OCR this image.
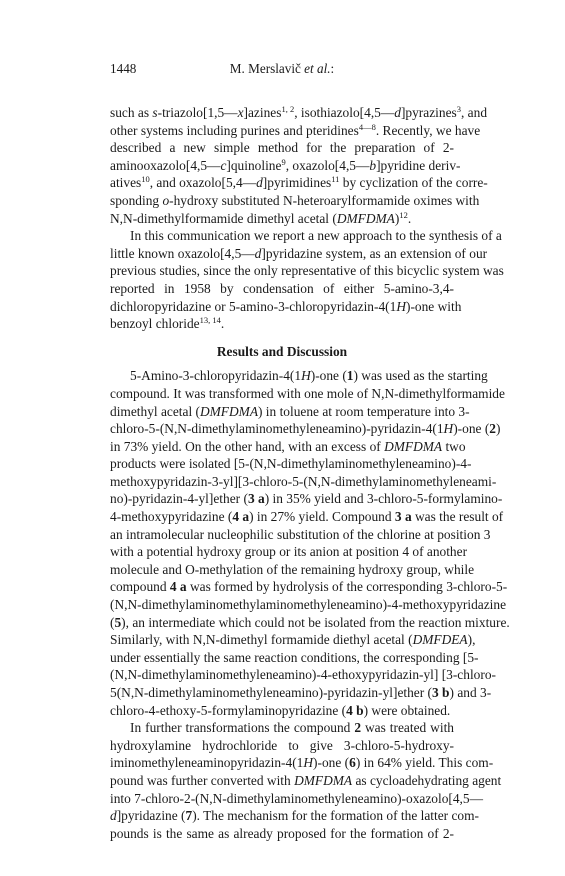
1448	M. Merslavič et al.:
such as s-triazolo[1,5—x]azines$^{1, 2}$, isothiazolo[4,5—d]pyrazines$^3$, and
other systems including purines and pteridines$^{4—8}$. Recently, we have
described a new simple method for the preparation of 2-
aminooxazolo[4,5—c]quinoline$^9$, oxazolo[4,5—b]pyridine deriv-
atives$^{10}$, and oxazolo[5,4—d]pyrimidines$^{11}$ by cyclization of the corre-
sponding o-hydroxy substituted N-heteroarylformamide oximes with
N,N-dimethylformamide dimethyl acetal (DMFDMA)$^{12}$.
In this communication we report a new approach to the synthesis of a
little known oxazolo[4,5—d]pyridazine system, as an extension of our
previous studies, since the only representative of this bicyclic system was
reported in 1958 by condensation of either 5-amino-3,4-
dichloropyridazine or 5-amino-3-chloropyridazin-4(1H)-one with
benzoyl chloride$^{13, 14}$.
Results and Discussion
5-Amino-3-chloropyridazin-4(1H)-one (1) was used as the starting
compound. It was transformed with one mole of N,N-dimethylformamide
dimethyl acetal (DMFDMA) in toluene at room temperature into 3-
chloro-5-(N,N-dimethylaminomethyleneamino)-pyridazin-4(1H)-one (2)
in 73% yield. On the other hand, with an excess of DMFDMA two
products were isolated [5-(N,N-dimethylaminomethyleneamino)-4-
methoxypyridazin-3-yl][3-chloro-5-(N,N-dimethylaminomethyleneami-
no)-pyridazin-4-yl]ether (3 a) in 35% yield and 3-chloro-5-formylamino-
4-methoxypyridazine (4 a) in 27% yield. Compound 3 a was the result of
an intramolecular nucleophilic substitution of the chlorine at position 3
with a potential hydroxy group or its anion at position 4 of another
molecule and O-methylation of the remaining hydroxy group, while
compound 4 a was formed by hydrolysis of the corresponding 3-chloro-5-
(N,N-dimethylaminomethylaminomethyleneamino)-4-methoxypyridazine
(5), an intermediate which could not be isolated from the reaction mixture.
Similarly, with N,N-dimethyl formamide diethyl acetal (DMFDEA),
under essentially the same reaction conditions, the corresponding [5-
(N,N-dimethylaminomethyleneamino)-4-ethoxypyridazin-yl] [3-chloro-
5(N,N-dimethylaminomethyleneamino)-pyridazin-yl]ether (3 b) and 3-
chloro-4-ethoxy-5-formylaminopyridazine (4 b) were obtained.
In further transformations the compound 2 was treated with
hydroxylamine hydrochloride to give 3-chloro-5-hydroxy-
iminomethyleneaminopyridazin-4(1H)-one (6) in 64% yield. This com-
pound was further converted with DMFDMA as cycloadehydrating agent
into 7-chloro-2-(N,N-dimethylaminomethyleneamino)-oxazolo[4,5—
d]pyridazine (7). The mechanism for the formation of the latter com-
pounds is the same as already proposed for the formation of 2-
